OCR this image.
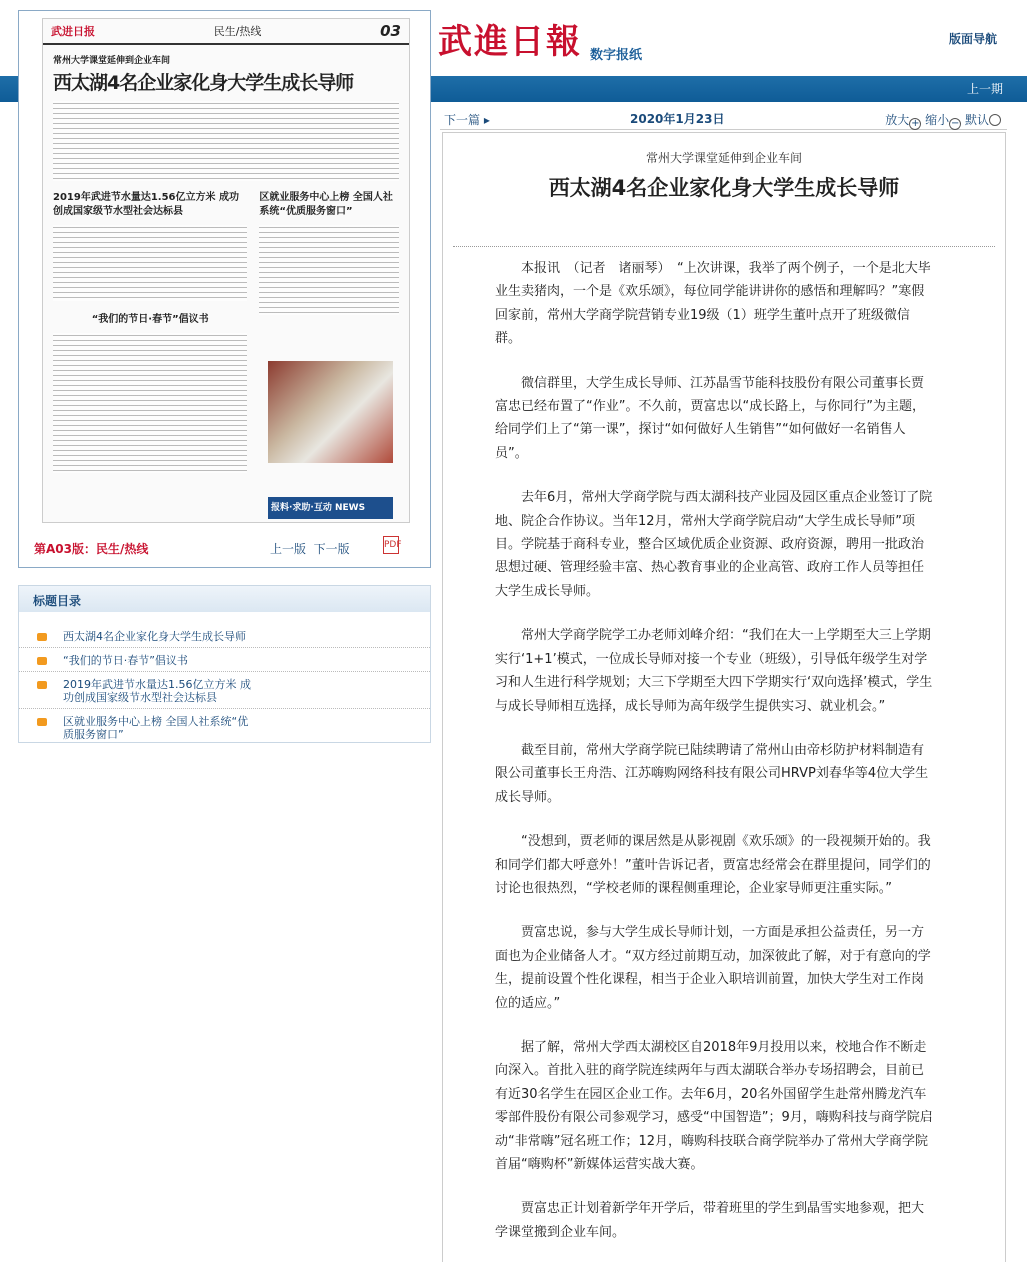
武進日報 数字报纸
版面导航
上一期
武进日报	民生/热线	03
常州大学课堂延伸到企业车间
西太湖4名企业家化身大学生成长导师
2019年武进节水量达1.56亿立方米 成功创成国家级节水型社会达标县
“我们的节日·春节”倡议书
区就业服务中心上榜 全国人社系统“优质服务窗口”
报料·求助·互动 NEWS
第A03版：民生/热线	上一版 下一版	PDF
标题目录
西太湖4名企业家化身大学生成长导师
“我们的节日·春节”倡议书
2019年武进节水量达1.56亿立方米 成功创成国家级节水型社会达标县
区就业服务中心上榜 全国人社系统“优质服务窗口”
下一篇 ▸	2020年1月23日	放大 + 缩小 − 默认
常州大学课堂延伸到企业车间
西太湖4名企业家化身大学生成长导师

本报讯　（记者　诸丽琴）　“上次讲课，我举了两个例子，一个是北大毕业生卖猪肉，一个是《欢乐颂》，每位同学能讲讲你的感悟和理解吗？”寒假回家前，常州大学商学院营销专业19级（1）班学生董叶点开了班级微信群。

微信群里，大学生成长导师、江苏晶雪节能科技股份有限公司董事长贾富忠已经布置了“作业”。不久前，贾富忠以“成长路上，与你同行”为主题，给同学们上了“第一课”，探讨“如何做好人生销售”“如何做好一名销售人员”。

去年6月，常州大学商学院与西太湖科技产业园及园区重点企业签订了院地、院企合作协议。当年12月，常州大学商学院启动“大学生成长导师”项目。学院基于商科专业，整合区域优质企业资源、政府资源，聘用一批政治思想过硬、管理经验丰富、热心教育事业的企业高管、政府工作人员等担任大学生成长导师。

常州大学商学院学工办老师刘峰介绍：“我们在大一上学期至大三上学期实行‘1+1’模式，一位成长导师对接一个专业（班级），引导低年级学生对学习和人生进行科学规划；大三下学期至大四下学期实行‘双向选择’模式，学生与成长导师相互选择，成长导师为高年级学生提供实习、就业机会。”

截至目前，常州大学商学院已陆续聘请了常州山由帝杉防护材料制造有限公司董事长王舟浩、江苏嗨购网络科技有限公司HRVP刘春华等4位大学生成长导师。

“没想到，贾老师的课居然是从影视剧《欢乐颂》的一段视频开始的。我和同学们都大呼意外！”董叶告诉记者，贾富忠经常会在群里提问，同学们的讨论也很热烈，“学校老师的课程侧重理论，企业家导师更注重实际。”

贾富忠说，参与大学生成长导师计划，一方面是承担公益责任，另一方面也为企业储备人才。“双方经过前期互动，加深彼此了解，对于有意向的学生，提前设置个性化课程，相当于企业入职培训前置，加快大学生对工作岗位的适应。”

据了解，常州大学西太湖校区自2018年9月投用以来，校地合作不断走向深入。首批入驻的商学院连续两年与西太湖联合举办专场招聘会，目前已有近30名学生在园区企业工作。去年6月，20名外国留学生赴常州腾龙汽车零部件股份有限公司参观学习，感受“中国智造”；9月，嗨购科技与商学院启动“非常嗨”冠名班工作；12月，嗨购科技联合商学院举办了常州大学商学院首届“嗨购杯”新媒体运营实战大赛。

贾富忠正计划着新学年开学后，带着班里的学生到晶雪实地参观，把大学课堂搬到企业车间。
